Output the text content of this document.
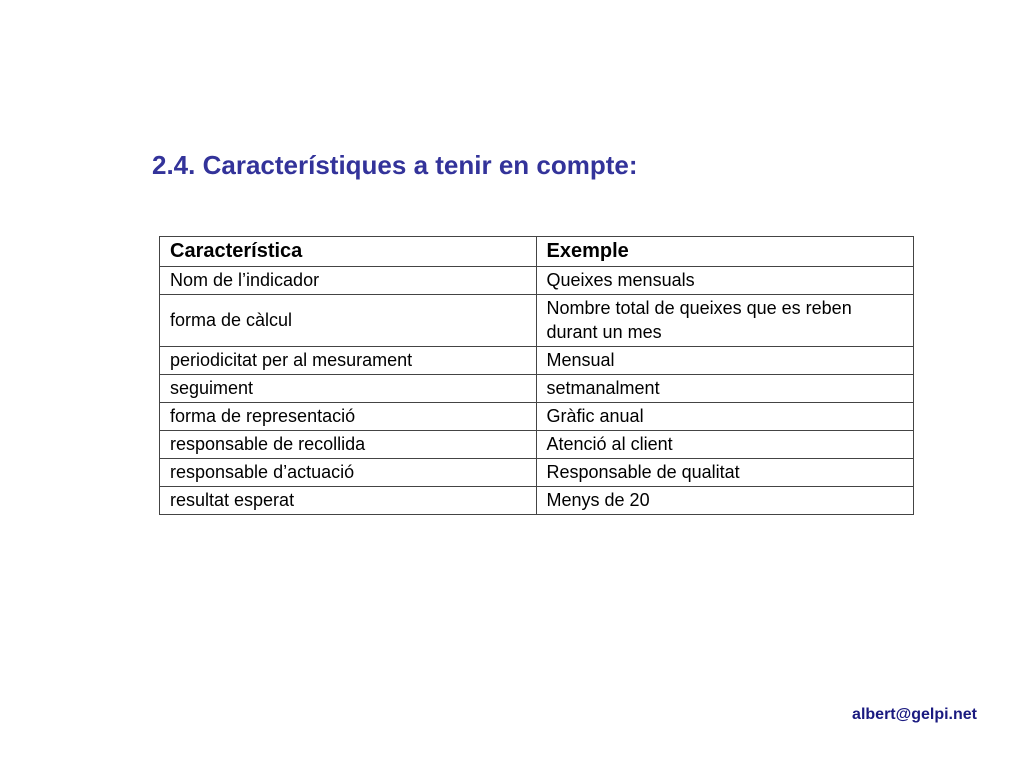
2.4. Característiques a tenir en compte:
Característica	Exemple
Nom de l’indicador	Queixes mensuals
forma de càlcul	Nombre total de queixes que es reben durant un mes
periodicitat per al mesurament	Mensual
seguiment	setmanalment
forma de representació	Gràfic anual
responsable de recollida	Atenció al client
responsable d’actuació	Responsable de qualitat
resultat esperat	Menys de 20
albert@gelpi.net
